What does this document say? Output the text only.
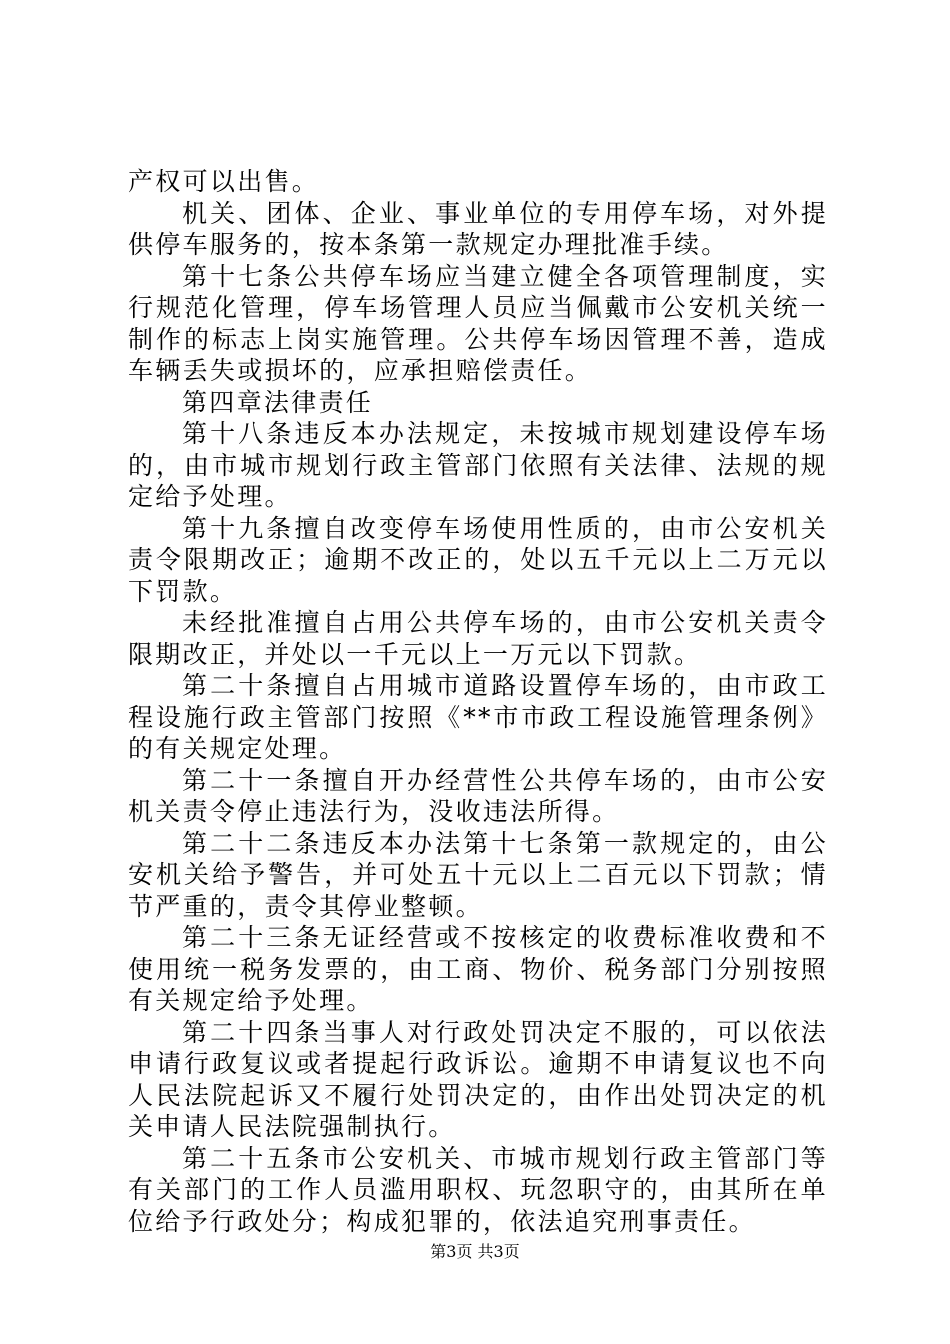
产权可以出售。

机关、团体、企业、事业单位的专用停车场，对外提供停车服务的，按本条第一款规定办理批准手续。

第十七条公共停车场应当建立健全各项管理制度，实行规范化管理，停车场管理人员应当佩戴市公安机关统一制作的标志上岗实施管理。公共停车场因管理不善，造成车辆丢失或损坏的，应承担赔偿责任。

第四章法律责任

第十八条违反本办法规定，未按城市规划建设停车场的，由市城市规划行政主管部门依照有关法律、法规的规定给予处理。

第十九条擅自改变停车场使用性质的，由市公安机关责令限期改正；逾期不改正的，处以五千元以上二万元以下罚款。

未经批准擅自占用公共停车场的，由市公安机关责令限期改正，并处以一千元以上一万元以下罚款。

第二十条擅自占用城市道路设置停车场的，由市政工程设施行政主管部门按照《**市市政工程设施管理条例》的有关规定处理。

第二十一条擅自开办经营性公共停车场的，由市公安机关责令停止违法行为，没收违法所得。

第二十二条违反本办法第十七条第一款规定的，由公安机关给予警告，并可处五十元以上二百元以下罚款；情节严重的，责令其停业整顿。

第二十三条无证经营或不按核定的收费标准收费和不使用统一税务发票的，由工商、物价、税务部门分别按照有关规定给予处理。

第二十四条当事人对行政处罚决定不服的，可以依法申请行政复议或者提起行政诉讼。逾期不申请复议也不向人民法院起诉又不履行处罚决定的，由作出处罚决定的机关申请人民法院强制执行。

第二十五条市公安机关、市城市规划行政主管部门等有关部门的工作人员滥用职权、玩忽职守的，由其所在单位给予行政处分；构成犯罪的，依法追究刑事责任。

第3页 共3页
